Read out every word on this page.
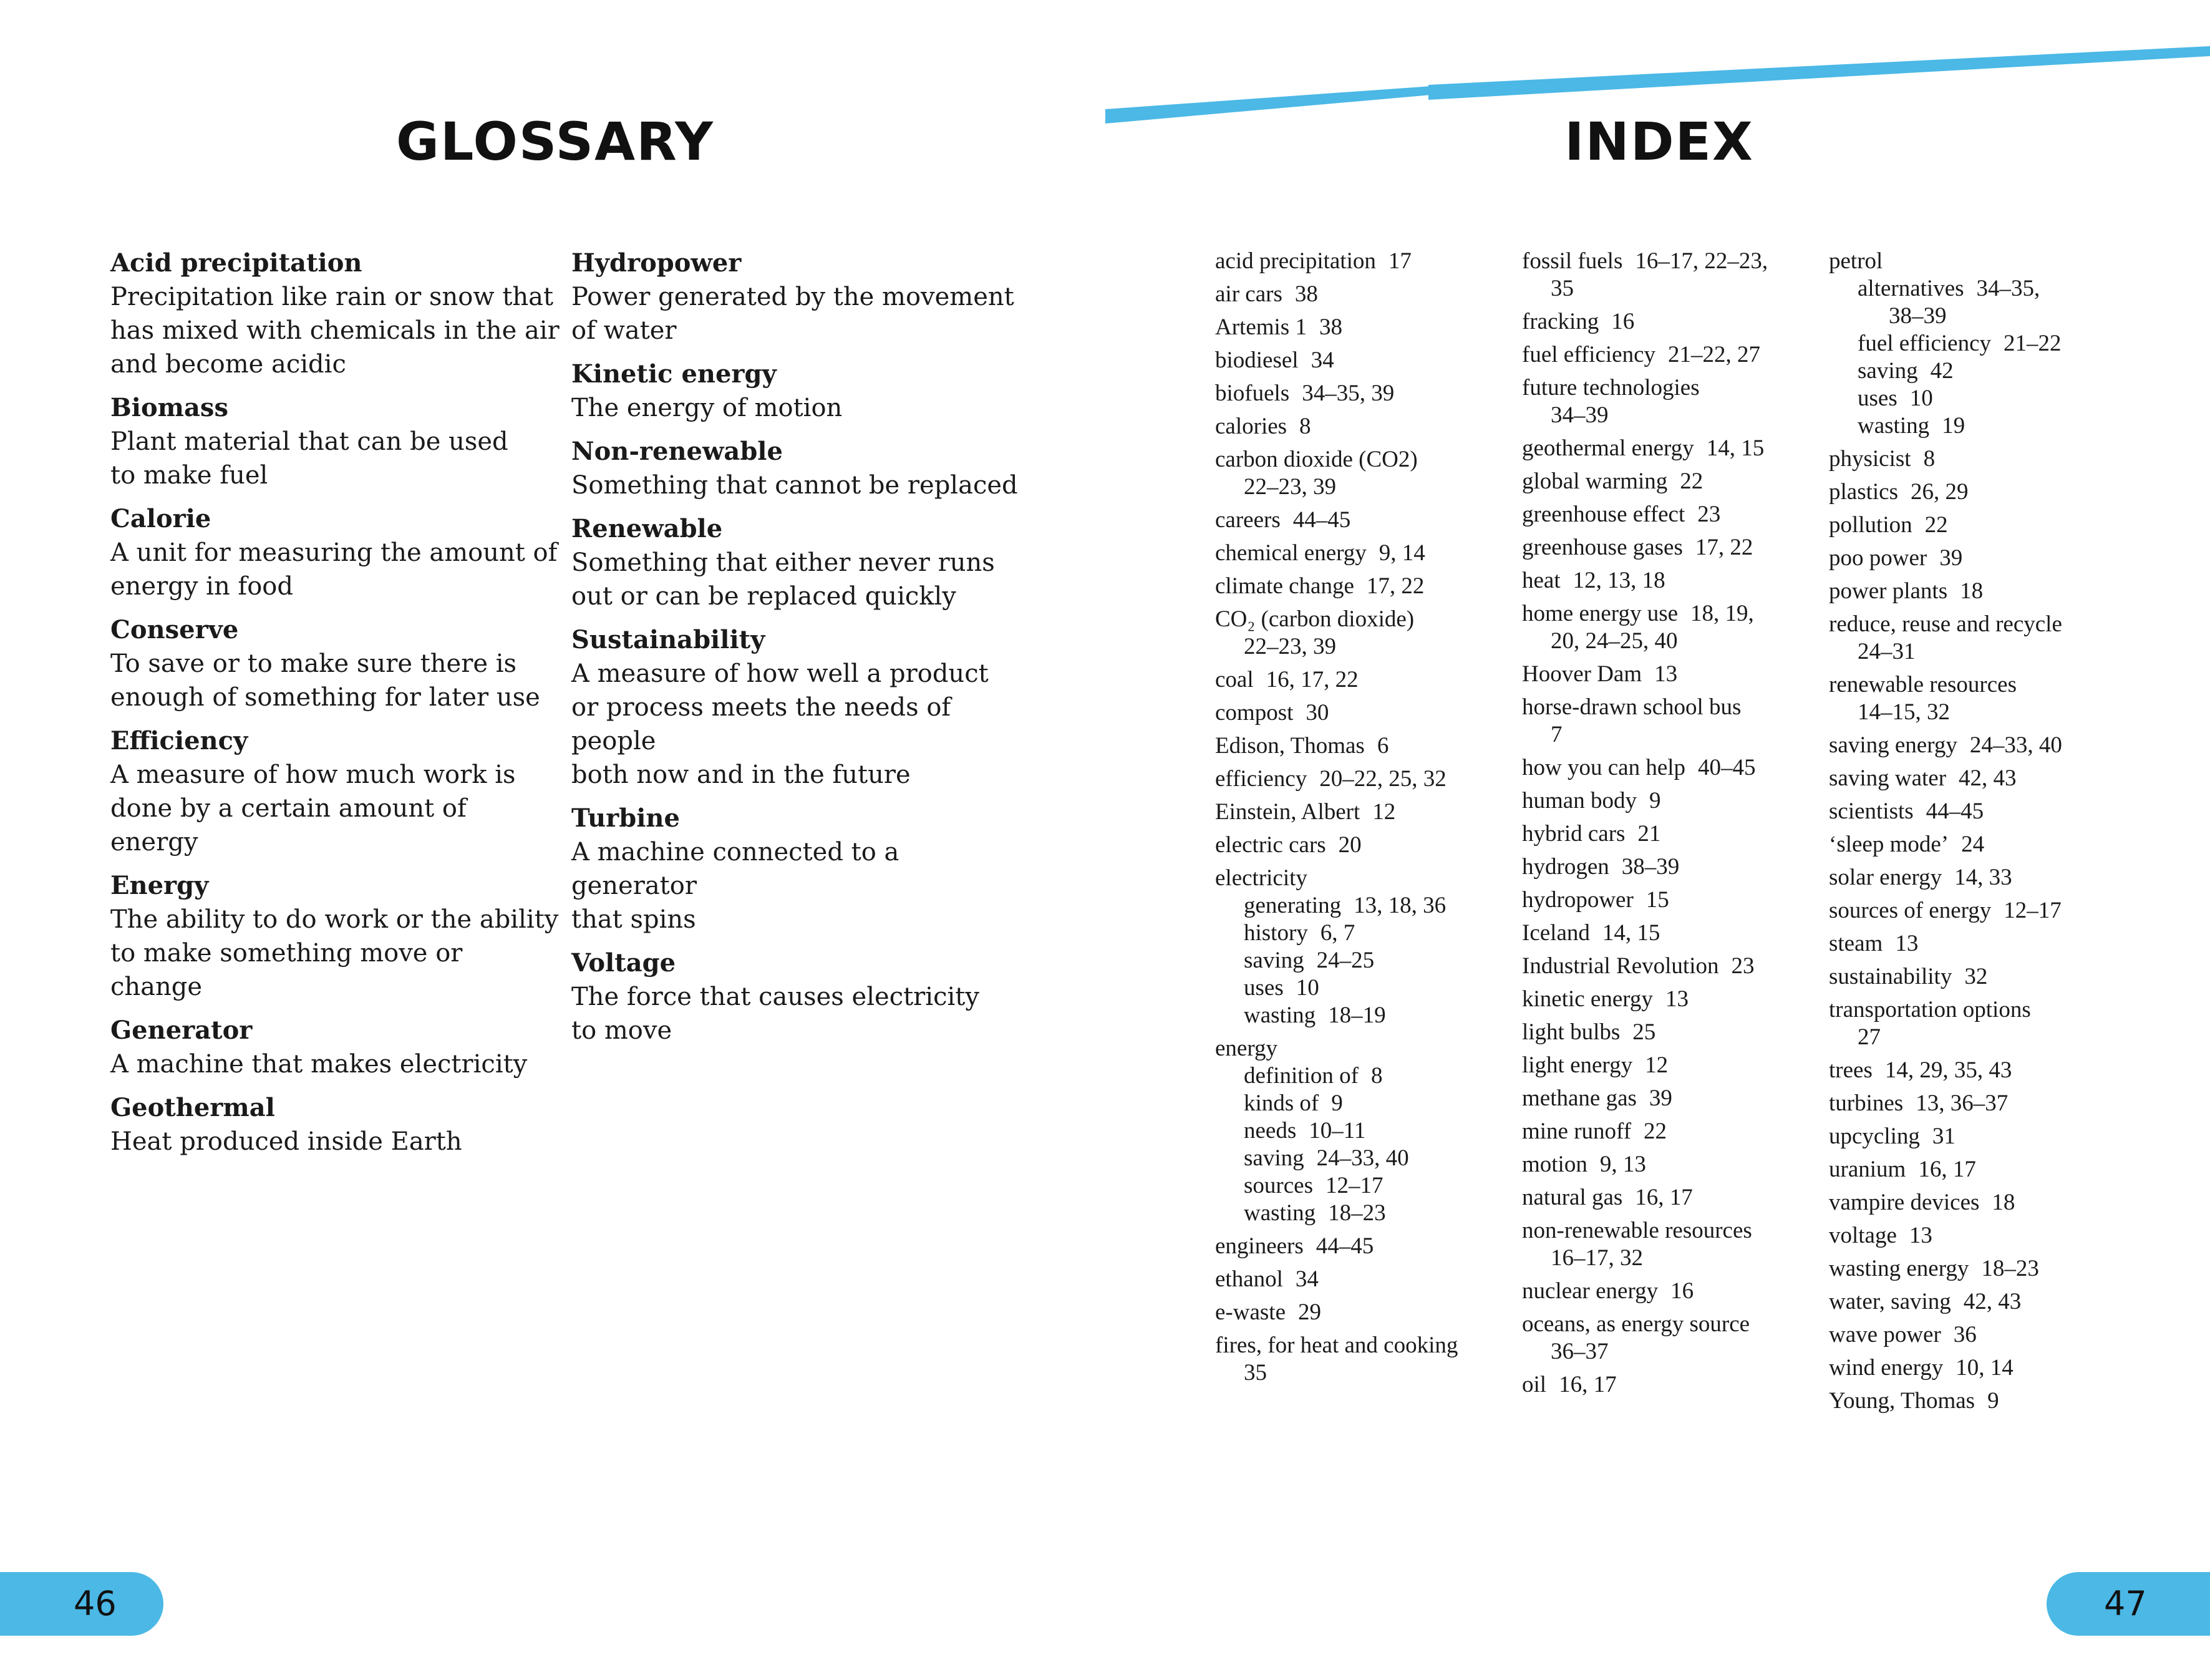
GLOSSARY	INDEX
Acid precipitation
Precipitation like rain or snow that
has mixed with chemicals in the air
and become acidic
Biomass
Plant material that can be used
to make fuel
Calorie
A unit for measuring the amount of
energy in food
Conserve
To save or to make sure there is
enough of something for later use
Efficiency
A measure of how much work is
done by a certain amount of energy
Energy
The ability to do work or the ability
to make something move or change
Generator
A machine that makes electricity
Geothermal
Heat produced inside Earth
Hydropower
Power generated by the movement
of water
Kinetic energy
The energy of motion
Non-renewable
Something that cannot be replaced
Renewable
Something that either never runs
out or can be replaced quickly
Sustainability
A measure of how well a product
or process meets the needs of people
both now and in the future
Turbine
A machine connected to a generator
that spins
Voltage
The force that causes electricity
to move
acid precipitation 17
air cars 38
Artemis 1 38
biodiesel 34
biofuels 34–35, 39
calories 8
carbon dioxide (CO2)
22–23, 39
careers 44–45
chemical energy 9, 14
climate change 17, 22
CO₂ (carbon dioxide)
22–23, 39
coal 16, 17, 22
compost 30
Edison, Thomas 6
efficiency 20–22, 25, 32
Einstein, Albert 12
electric cars 20
electricity
generating 13, 18, 36
history 6, 7
saving 24–25
uses 10
wasting 18–19
energy
definition of 8
kinds of 9
needs 10–11
saving 24–33, 40
sources 12–17
wasting 18–23
engineers 44–45
ethanol 34
e-waste 29
fires, for heat and cooking
35
fossil fuels 16–17, 22–23,
35
fracking 16
fuel efficiency 21–22, 27
future technologies
34–39
geothermal energy 14, 15
global warming 22
greenhouse effect 23
greenhouse gases 17, 22
heat 12, 13, 18
home energy use 18, 19,
20, 24–25, 40
Hoover Dam 13
horse-drawn school bus
7
how you can help 40–45
human body 9
hybrid cars 21
hydrogen 38–39
hydropower 15
Iceland 14, 15
Industrial Revolution 23
kinetic energy 13
light bulbs 25
light energy 12
methane gas 39
mine runoff 22
motion 9, 13
natural gas 16, 17
non-renewable resources
16–17, 32
nuclear energy 16
oceans, as energy source
36–37
oil 16, 17
petrol
alternatives 34–35,
38–39
fuel efficiency 21–22
saving 42
uses 10
wasting 19
physicist 8
plastics 26, 29
pollution 22
poo power 39
power plants 18
reduce, reuse and recycle
24–31
renewable resources
14–15, 32
saving energy 24–33, 40
saving water 42, 43
scientists 44–45
‘sleep mode’ 24
solar energy 14, 33
sources of energy 12–17
steam 13
sustainability 32
transportation options
27
trees 14, 29, 35, 43
turbines 13, 36–37
upcycling 31
uranium 16, 17
vampire devices 18
voltage 13
wasting energy 18–23
water, saving 42, 43
wave power 36
wind energy 10, 14
Young, Thomas 9
46	47
